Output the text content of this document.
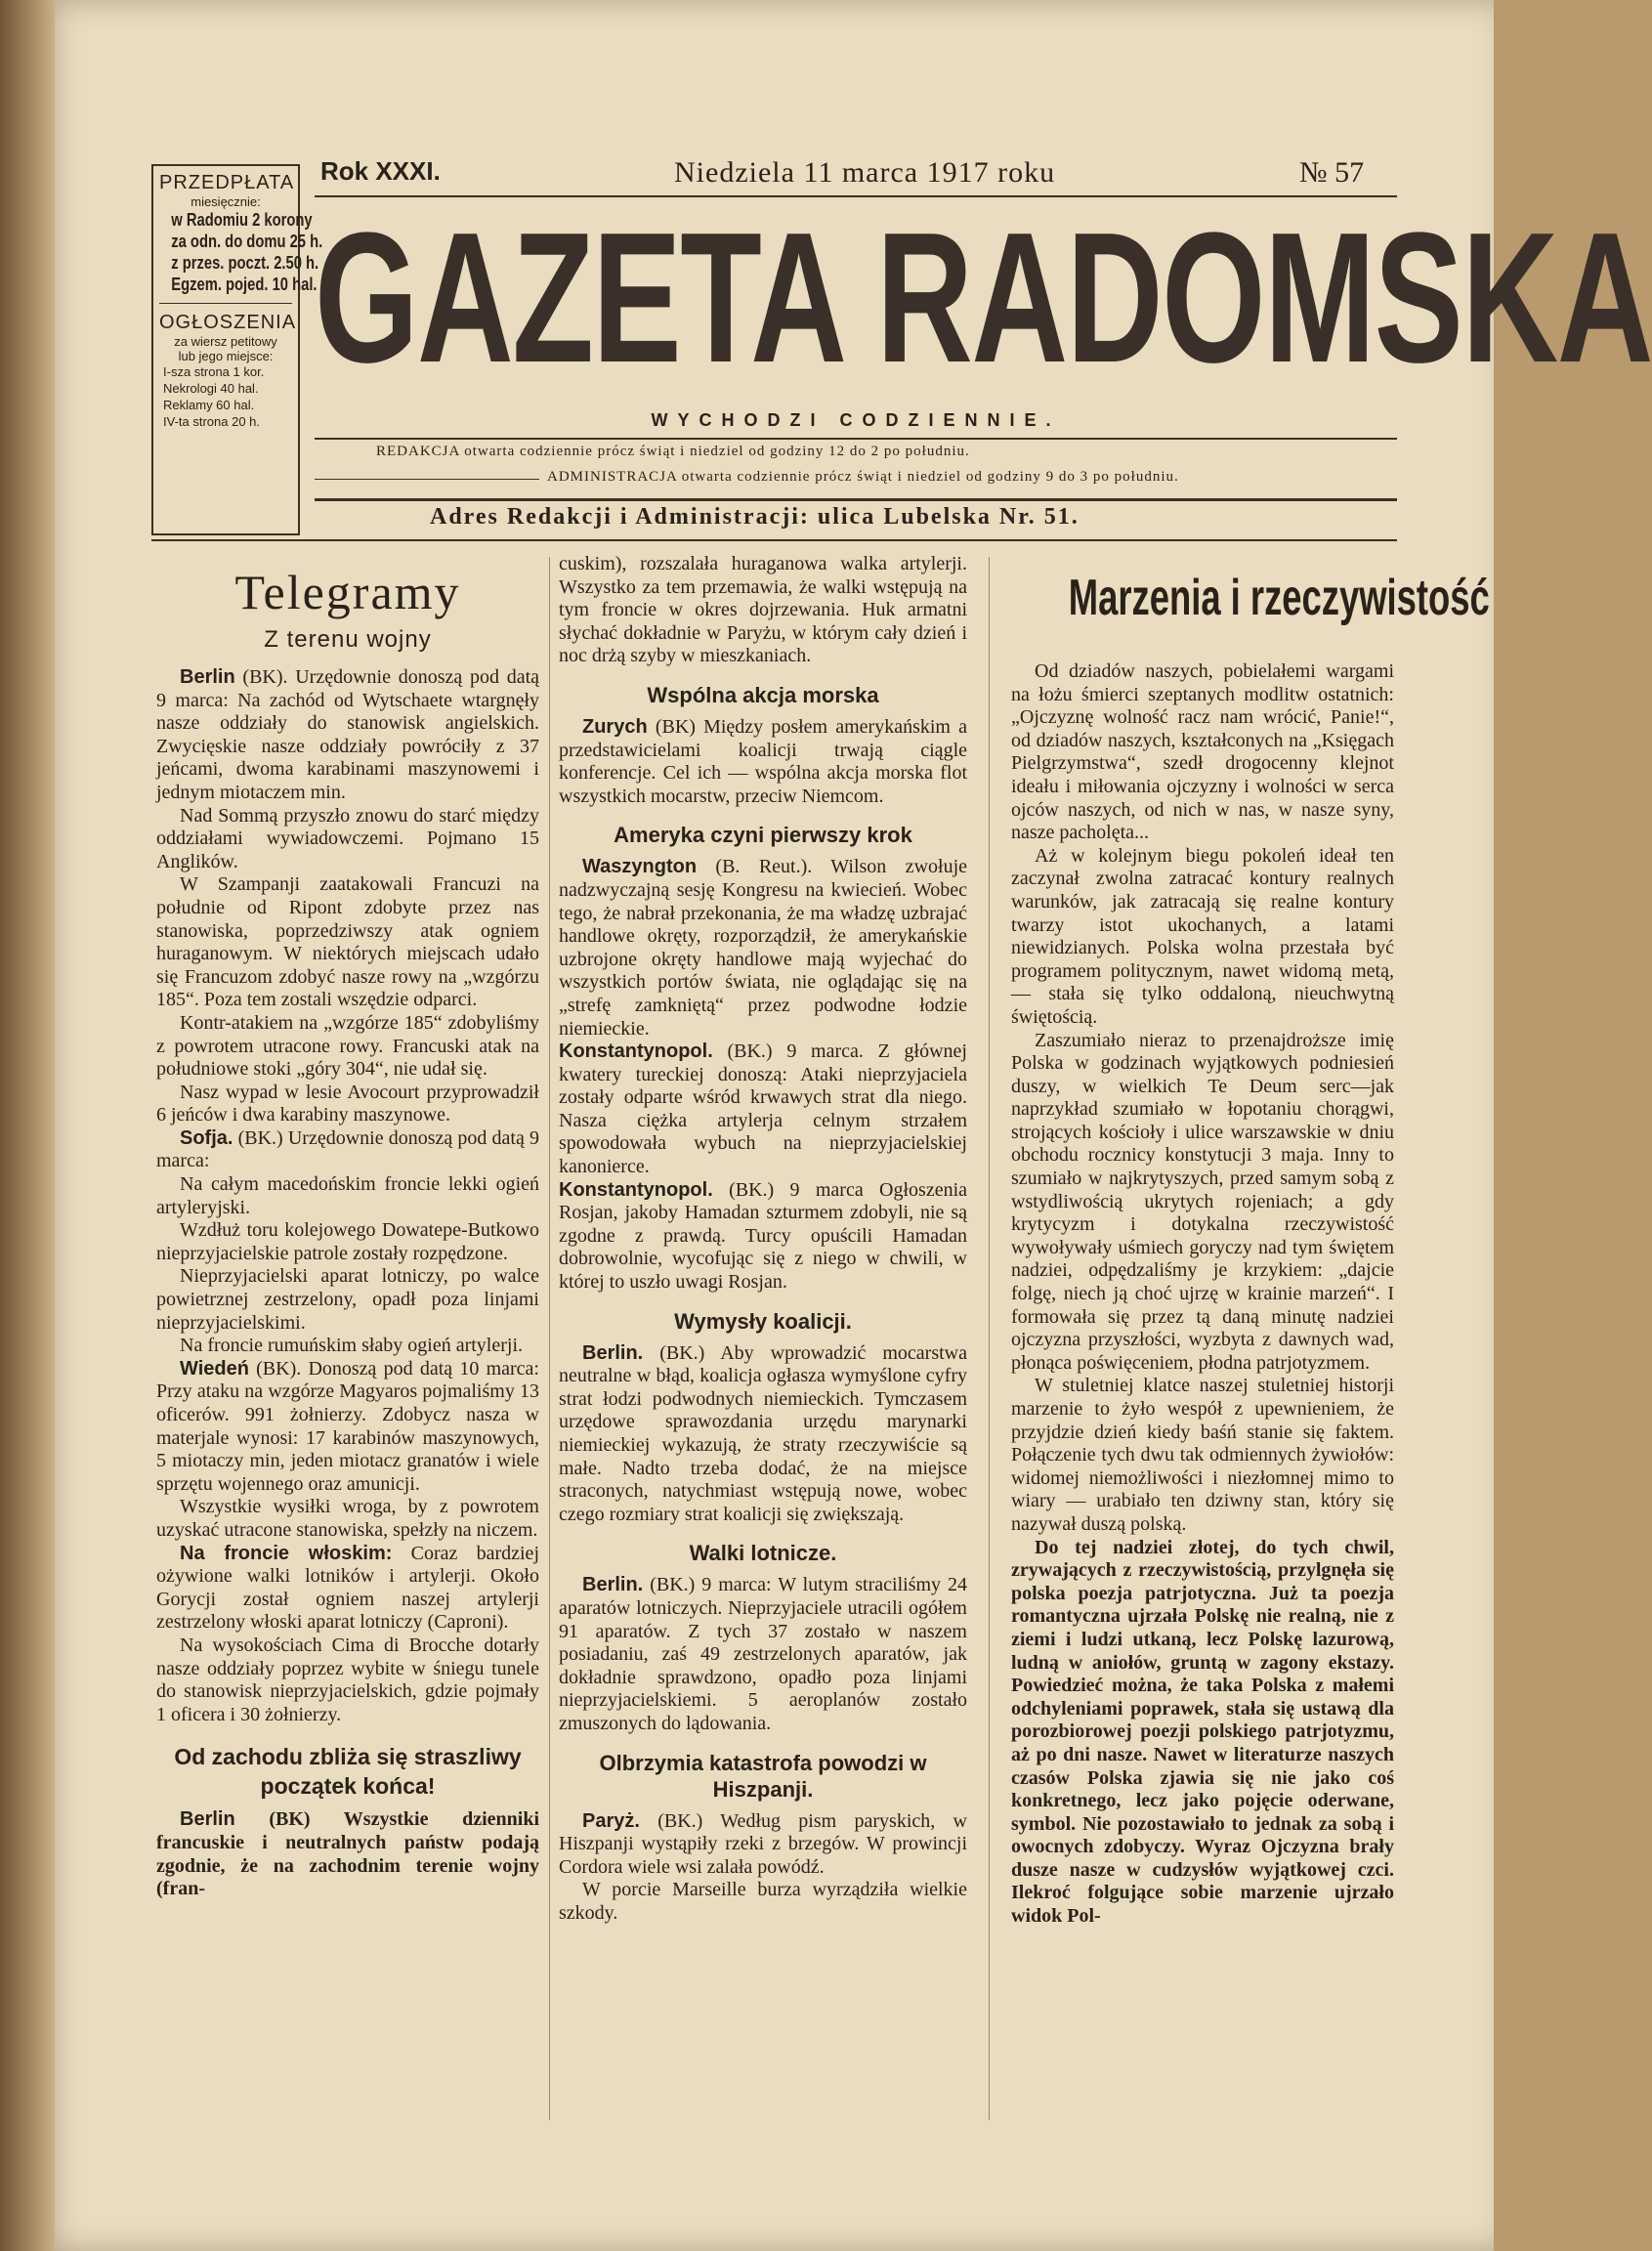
PRZEDPŁATA
miesięcznie:
w Radomiu 2 korony
za odn. do domu 25 h.
z przes. poczt. 2.50 h.
Egzem. pojed. 10 hal.
OGŁOSZENIA
za wiersz petitowy
lub jego miejsce:
I-sza strona 1 kor.
Nekrologi 40 hal.
Reklamy 60 hal.
IV-ta strona 20 h.
Rok XXXI.	Niedziela 11 marca 1917 roku	№ 57
GAZETA RADOMSKA
WYCHODZI CODZIENNIE.
REDAKCJA otwarta codziennie prócz świąt i niedziel od godziny 12 do 2 po południu.
ADMINISTRACJA otwarta codziennie prócz świąt i niedziel od godziny 9 do 3 po południu.
Adres Redakcji i Administracji: ulica Lubelska Nr. 51.
Telegramy
Z terenu wojny

Berlin (BK). Urzędownie donoszą pod datą 9 marca: Na zachód od Wytschaete wtargnęły nasze oddziały do stanowisk angielskich. Zwycięskie nasze oddziały powróciły z 37 jeńcami, dwoma karabinami maszynowemi i jednym miotaczem min.

Nad Sommą przyszło znowu do starć między oddziałami wywiadowczemi. Pojmano 15 Anglików.

W Szampanji zaatakowali Francuzi na południe od Ripont zdobyte przez nas stanowiska, poprzedziwszy atak ogniem huraganowym. W niektórych miejscach udało się Francuzom zdobyć nasze rowy na „wzgórzu 185“. Poza tem zostali wszędzie odparci.

Kontr-atakiem na „wzgórze 185“ zdobyliśmy z powrotem utracone rowy. Francuski atak na południowe stoki „góry 304“, nie udał się.

Nasz wypad w lesie Avocourt przyprowadził 6 jeńców i dwa karabiny maszynowe.

Sofja. (BK.) Urzędownie donoszą pod datą 9 marca:

Na całym macedońskim froncie lekki ogień artyleryjski.

Wzdłuż toru kolejowego Dowatepe-Butkowo nieprzyjacielskie patrole zostały rozpędzone.

Nieprzyjacielski aparat lotniczy, po walce powietrznej zestrzelony, opadł poza linjami nieprzyjacielskimi.

Na froncie rumuńskim słaby ogień artylerji.

Wiedeń (BK). Donoszą pod datą 10 marca: Przy ataku na wzgórze Magyaros pojmaliśmy 13 oficerów. 991 żołnierzy. Zdobycz nasza w materjale wynosi: 17 karabinów maszynowych, 5 miotaczy min, jeden miotacz granatów i wiele sprzętu wojennego oraz amunicji.

Wszystkie wysiłki wroga, by z powrotem uzyskać utracone stanowiska, spełzły na niczem.

Na froncie włoskim: Coraz bardziej ożywione walki lotników i artylerji. Około Gorycji został ogniem naszej artylerji zestrzelony włoski aparat lotniczy (Caproni).

Na wysokościach Cima di Brocche dotarły nasze oddziały poprzez wybite w śniegu tunele do stanowisk nieprzyjacielskich, gdzie pojmały 1 oficera i 30 żołnierzy.

Od zachodu zbliża się straszliwy początek końca!

Berlin (BK) Wszystkie dzienniki francuskie i neutralnych państw podają zgodnie, że na zachodnim terenie wojny (fran-

cuskim), rozszalała huraganowa walka artylerji. Wszystko za tem przemawia, że walki wstępują na tym froncie w okres dojrzewania. Huk armatni słychać dokładnie w Paryżu, w którym cały dzień i noc drżą szyby w mieszkaniach.

Wspólna akcja morska

Zurych (BK) Między posłem amerykańskim a przedstawicielami koalicji trwają ciągle konferencje. Cel ich — wspólna akcja morska flot wszystkich mocarstw, przeciw Niemcom.

Ameryka czyni pierwszy krok

Waszyngton (B. Reut.). Wilson zwołuje nadzwyczajną sesję Kongresu na kwiecień. Wobec tego, że nabrał przekonania, że ma władzę uzbrajać handlowe okręty, rozporządził, że amerykańskie uzbrojone okręty handlowe mają wyjechać do wszystkich portów świata, nie oglądając się na „strefę zamkniętą“ przez podwodne łodzie niemieckie.

Konstantynopol. (BK.) 9 marca. Z głównej kwatery tureckiej donoszą: Ataki nieprzyjaciela zostały odparte wśród krwawych strat dla niego. Nasza ciężka artylerja celnym strzałem spowodowała wybuch na nieprzyjacielskiej kanonierce.

Konstantynopol. (BK.) 9 marca Ogłoszenia Rosjan, jakoby Hamadan szturmem zdobyli, nie są zgodne z prawdą. Turcy opuścili Hamadan dobrowolnie, wycofując się z niego w chwili, w której to uszło uwagi Rosjan.

Wymysły koalicji.

Berlin. (BK.) Aby wprowadzić mocarstwa neutralne w błąd, koalicja ogłasza wymyślone cyfry strat łodzi podwodnych niemieckich. Tymczasem urzędowe sprawozdania urzędu marynarki niemieckiej wykazują, że straty rzeczywiście są małe. Nadto trzeba dodać, że na miejsce straconych, natychmiast wstępują nowe, wobec czego rozmiary strat koalicji się zwiększają.

Walki lotnicze.

Berlin. (BK.) 9 marca: W lutym straciliśmy 24 aparatów lotniczych. Nieprzyjaciele utracili ogółem 91 aparatów. Z tych 37 zostało w naszem posiadaniu, zaś 49 zestrzelonych aparatów, jak dokładnie sprawdzono, opadło poza linjami nieprzyjacielskiemi. 5 aeroplanów zostało zmuszonych do lądowania.

Olbrzymia katastrofa powodzi w Hiszpanji.

Paryż. (BK.) Według pism paryskich, w Hiszpanji wystąpiły rzeki z brzegów. W prowincji Cordora wiele wsi zalała powódź.

W porcie Marseille burza wyrządziła wielkie szkody.

Marzenia i rzeczywistość

Od dziadów naszych, pobielałemi wargami na łożu śmierci szeptanych modlitw ostatnich: „Ojczyznę wolność racz nam wrócić, Panie!“, od dziadów naszych, kształconych na „Księgach Pielgrzymstwa“, szedł drogocenny klejnot ideału i miłowania ojczyzny i wolności w serca ojców naszych, od nich w nas, w nasze syny, nasze pacholęta...

Aż w kolejnym biegu pokoleń ideał ten zaczynał zwolna zatracać kontury realnych warunków, jak zatracają się realne kontury twarzy istot ukochanych, a latami niewidzianych. Polska wolna przestała być programem politycznym, nawet widomą metą, — stała się tylko oddaloną, nieuchwytną świętością.

Zaszumiało nieraz to przenajdroższe imię Polska w godzinach wyjątkowych podniesień duszy, w wielkich Te Deum serc—jak naprzykład szumiało w łopotaniu chorągwi, strojących kościoły i ulice warszawskie w dniu obchodu rocznicy konstytucji 3 maja. Inny to szumiało w najkrytyszych, przed samym sobą z wstydliwością ukrytych rojeniach; a gdy krytycyzm i dotykalna rzeczywistość wywoływały uśmiech goryczy nad tym świętem nadziei, odpędzaliśmy je krzykiem: „dajcie folgę, niech ją choć ujrzę w krainie marzeń“. I formowała się przez tą daną minutę nadziei ojczyzna przyszłości, wyzbyta z dawnych wad, płonąca poświęceniem, płodna patrjotyzmem.

W stuletniej klatce naszej stuletniej historji marzenie to żyło wespół z upewnieniem, że przyjdzie dzień kiedy baśń stanie się faktem. Połączenie tych dwu tak odmiennych żywiołów: widomej niemożliwości i niezłomnej mimo to wiary — urabiało ten dziwny stan, który się nazywał duszą polską.

Do tej nadziei złotej, do tych chwil, zrywających z rzeczywistością, przylgnęła się polska poezja patrjotyczna. Już ta poezja romantyczna ujrzała Polskę nie realną, nie z ziemi i ludzi utkaną, lecz Polskę lazurową, ludną w aniołów, gruntą w zagony ekstazy. Powiedzieć można, że taka Polska z małemi odchyleniami poprawek, stała się ustawą dla porozbiorowej poezji polskiego patrjotyzmu, aż po dni nasze. Nawet w literaturze naszych czasów Polska zjawia się nie jako coś konkretnego, lecz jako pojęcie oderwane, symbol. Nie pozostawiało to jednak za sobą i owocnych zdobyczy. Wyraz Ojczyzna brały dusze nasze w cudzysłów wyjątkowej czci. Ilekroć folgujące sobie marzenie ujrzało widok Pol-
